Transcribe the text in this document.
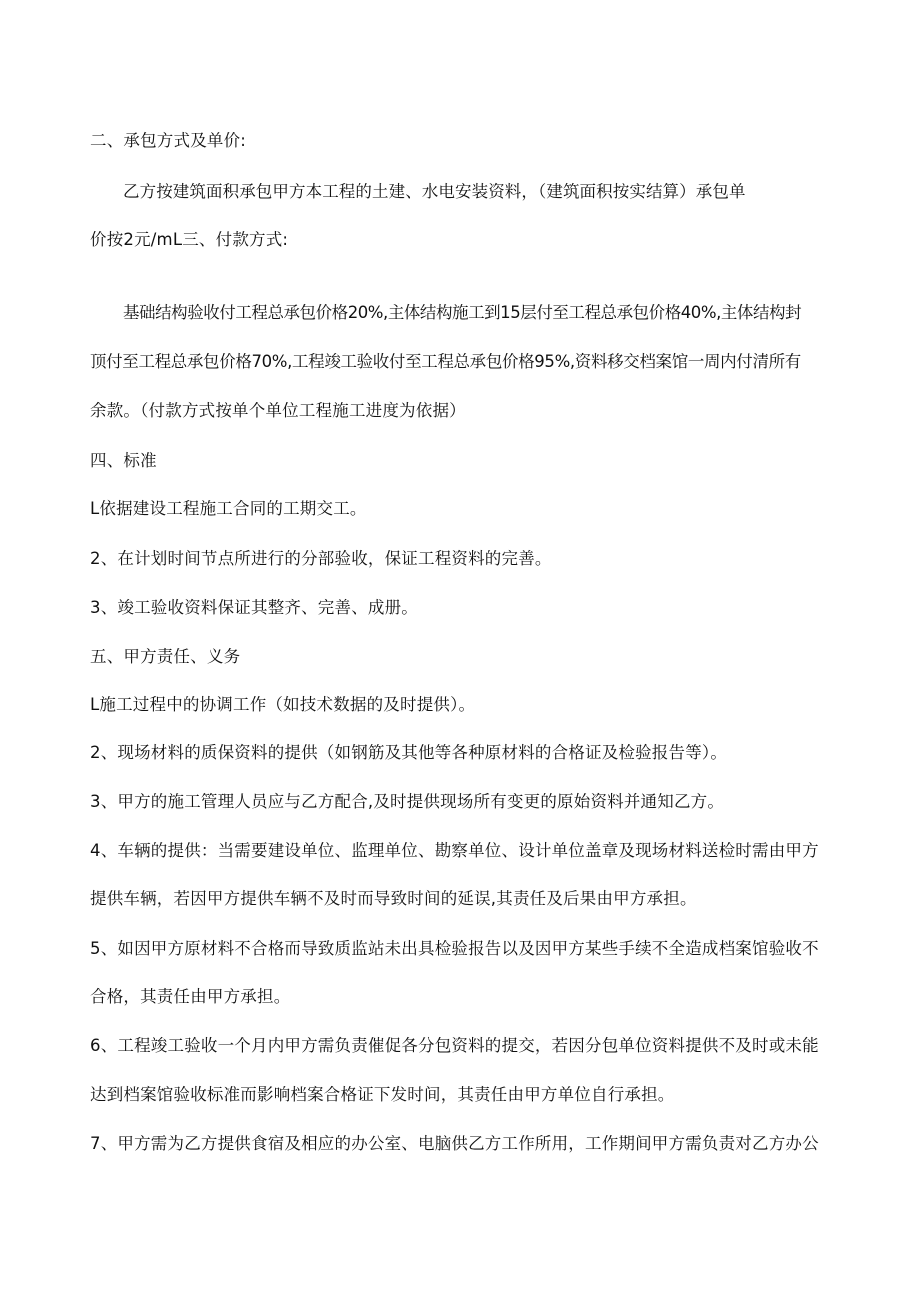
二、承包方式及单价:
乙方按建筑面积承包甲方本工程的土建、水电安装资料，（建筑面积按实结算）承包单
价按2元/mL三、付款方式:
基础结构验收付工程总承包价格20%,主体结构施工到15层付至工程总承包价格40%,主体结构封
顶付至工程总承包价格70%,工程竣工验收付至工程总承包价格95%,资料移交档案馆一周内付清所有
余款。（付款方式按单个单位工程施工进度为依据）
四、标准
L依据建设工程施工合同的工期交工。
2、在计划时间节点所进行的分部验收，保证工程资料的完善。
3、竣工验收资料保证其整齐、完善、成册。
五、甲方责任、义务
L施工过程中的协调工作（如技术数据的及时提供）。
2、现场材料的质保资料的提供（如钢筋及其他等各种原材料的合格证及检验报告等）。
3、甲方的施工管理人员应与乙方配合,及时提供现场所有变更的原始资料并通知乙方。
4、车辆的提供：当需要建设单位、监理单位、勘察单位、设计单位盖章及现场材料送检时需由甲方
提供车辆，若因甲方提供车辆不及时而导致时间的延误,其责任及后果由甲方承担。
5、如因甲方原材料不合格而导致质监站未出具检验报告以及因甲方某些手续不全造成档案馆验收不
合格，其责任由甲方承担。
6、工程竣工验收一个月内甲方需负责催促各分包资料的提交，若因分包单位资料提供不及时或未能
达到档案馆验收标准而影响档案合格证下发时间，其责任由甲方单位自行承担。
7、甲方需为乙方提供食宿及相应的办公室、电脑供乙方工作所用，工作期间甲方需负责对乙方办公
